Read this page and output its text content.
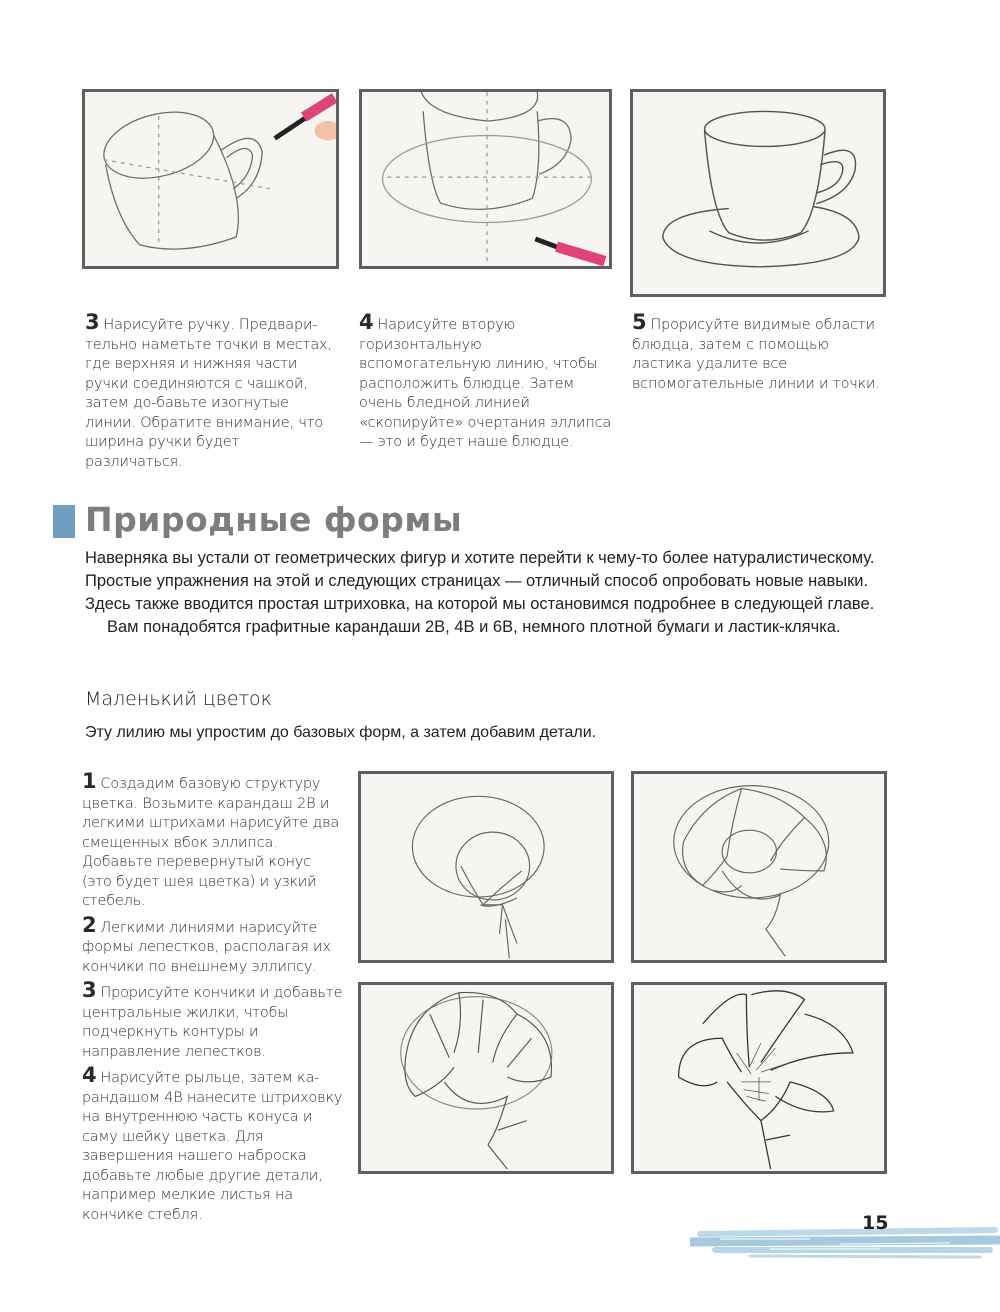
3 Нарисуйте ручку. Предвари-тельно наметьте точки в местах, где верхняя и нижняя части ручки соединяются с чашкой, затем до-бавьте изогнутые линии. Обратите внимание, что ширина ручки будет различаться.
4 Нарисуйте вторую горизонтальную вспомогательную линию, чтобы расположить блюдце. Затем очень бледной линией «скопируйте» очертания эллипса — это и будет наше блюдце.
5 Прорисуйте видимые области блюдца, затем с помощью ластика удалите все вспомогательные линии и точки.
Природные формы

Наверняка вы устали от геометрических фигур и хотите перейти к чему-то более натуралистическому. Простые упражнения на этой и следующих страницах — отличный способ опробовать новые навыки. Здесь также вводится простая штриховка, на которой мы остановимся подробнее в следующей главе.

Вам понадобятся графитные карандаши 2B, 4B и 6B, немного плотной бумаги и ластик-клячка.

Маленький цветок

Эту лилию мы упростим до базовых форм, а затем добавим детали.

1 Создадим базовую структуру цветка. Возьмите карандаш 2B и легкими штрихами нарисуйте два смещенных вбок эллипса. Добавьте перевернутый конус (это будет шея цветка) и узкий стебель.

2 Легкими линиями нарисуйте формы лепестков, располагая их кончики по внешнему эллипсу.

3 Прорисуйте кончики и добавьте центральные жилки, чтобы подчеркнуть контуры и направление лепестков.

4 Нарисуйте рыльце, затем ка-рандашом 4B нанесите штриховку на внутреннюю часть конуса и саму шейку цветка. Для завершения нашего наброска добавьте любые другие детали, например мелкие листья на кончике стебля.	15
